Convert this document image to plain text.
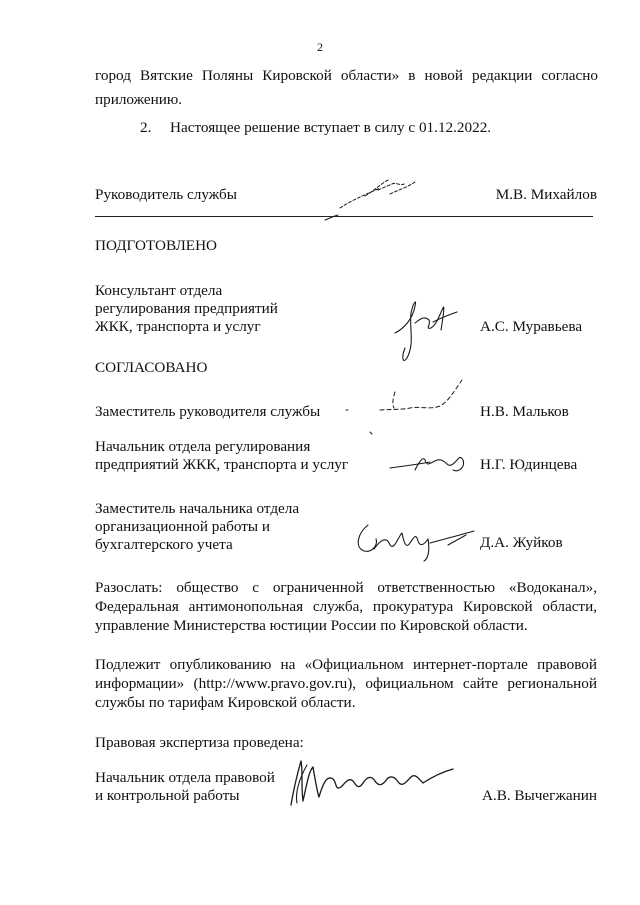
2
город Вятские Поляны Кировской области» в новой редакции согласно
приложению.
2. Настоящее решение вступает в силу с 01.12.2022.
Руководитель службы	М.В. Михайлов
ПОДГОТОВЛЕНО
Консультант отдела
регулирования предприятий
ЖКК, транспорта и услуг	А.С. Муравьева
СОГЛАСОВАНО
Заместитель руководителя службы	Н.В. Мальков
Начальник отдела регулирования
предприятий ЖКК, транспорта и услуг	Н.Г. Юдинцева
Заместитель начальника отдела
организационной работы и
бухгалтерского учета	Д.А. Жуйков
Разослать: общество с ограниченной ответственностью «Водоканал»,
Федеральная антимонопольная служба, прокуратура Кировской области,
управление Министерства юстиции России по Кировской области.
Подлежит опубликованию на «Официальном интернет-портале правовой
информации» (http://www.pravo.gov.ru), официальном сайте региональной
службы по тарифам Кировской области.
Правовая экспертиза проведена:
Начальник отдела правовой
и контрольной работы	А.В. Вычегжанин
